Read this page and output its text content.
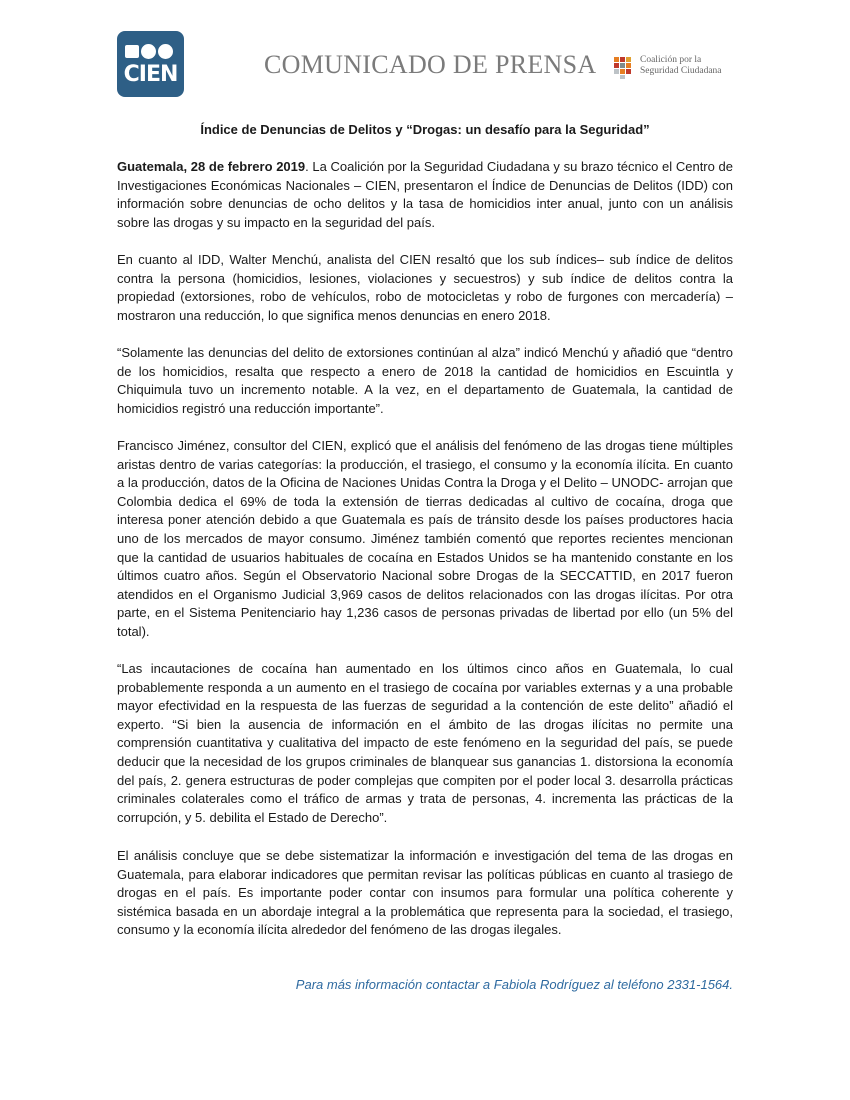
CIEN	COMUNICADO DE PRENSA	Coalición por la
Seguridad Ciudadana
Índice de Denuncias de Delitos y “Drogas: un desafío para la Seguridad”

Guatemala, 28 de febrero 2019. La Coalición por la Seguridad Ciudadana y su brazo técnico el Centro de Investigaciones Económicas Nacionales – CIEN, presentaron el Índice de Denuncias de Delitos (IDD) con información sobre denuncias de ocho delitos y la tasa de homicidios inter anual, junto con un análisis sobre las drogas y su impacto en la seguridad del país.

En cuanto al IDD, Walter Menchú, analista del CIEN resaltó que los sub índices– sub índice de delitos contra la persona (homicidios, lesiones, violaciones y secuestros) y sub índice de delitos contra la propiedad (extorsiones, robo de vehículos, robo de motocicletas y robo de furgones con mercadería) – mostraron una reducción, lo que significa menos denuncias en enero 2018.

“Solamente las denuncias del delito de extorsiones continúan al alza” indicó Menchú y añadió que “dentro de los homicidios, resalta que respecto a enero de 2018 la cantidad de homicidios en Escuintla y Chiquimula tuvo un incremento notable. A la vez, en el departamento de Guatemala, la cantidad de homicidios registró una reducción importante”.

Francisco Jiménez, consultor del CIEN, explicó que el análisis del fenómeno de las drogas tiene múltiples aristas dentro de varias categorías: la producción, el trasiego, el consumo y la economía ilícita. En cuanto a la producción, datos de la Oficina de Naciones Unidas Contra la Droga y el Delito – UNODC- arrojan que Colombia dedica el 69% de toda la extensión de tierras dedicadas al cultivo de cocaína, droga que interesa poner atención debido a que Guatemala es país de tránsito desde los países productores hacia uno de los mercados de mayor consumo. Jiménez también comentó que reportes recientes mencionan que la cantidad de usuarios habituales de cocaína en Estados Unidos se ha mantenido constante en los últimos cuatro años. Según el Observatorio Nacional sobre Drogas de la SECCATTID, en 2017 fueron atendidos en el Organismo Judicial 3,969 casos de delitos relacionados con las drogas ilícitas. Por otra parte, en el Sistema Penitenciario hay 1,236 casos de personas privadas de libertad por ello (un 5% del total).

“Las incautaciones de cocaína han aumentado en los últimos cinco años en Guatemala, lo cual probablemente responda a un aumento en el trasiego de cocaína por variables externas y a una probable mayor efectividad en la respuesta de las fuerzas de seguridad a la contención de este delito” añadió el experto. “Si bien la ausencia de información en el ámbito de las drogas ilícitas no permite una comprensión cuantitativa y cualitativa del impacto de este fenómeno en la seguridad del país, se puede deducir que la necesidad de los grupos criminales de blanquear sus ganancias 1. distorsiona la economía del país, 2. genera estructuras de poder complejas que compiten por el poder local 3. desarrolla prácticas criminales colaterales como el tráfico de armas y trata de personas, 4. incrementa las prácticas de la corrupción, y 5. debilita el Estado de Derecho”.

El análisis concluye que se debe sistematizar la información e investigación del tema de las drogas en Guatemala, para elaborar indicadores que permitan revisar las políticas públicas en cuanto al trasiego de drogas en el país. Es importante poder contar con insumos para formular una política coherente y sistémica basada en un abordaje integral a la problemática que representa para la sociedad, el trasiego, consumo y la economía ilícita alrededor del fenómeno de las drogas ilegales.

Para más información contactar a Fabiola Rodríguez al teléfono 2331-1564.
